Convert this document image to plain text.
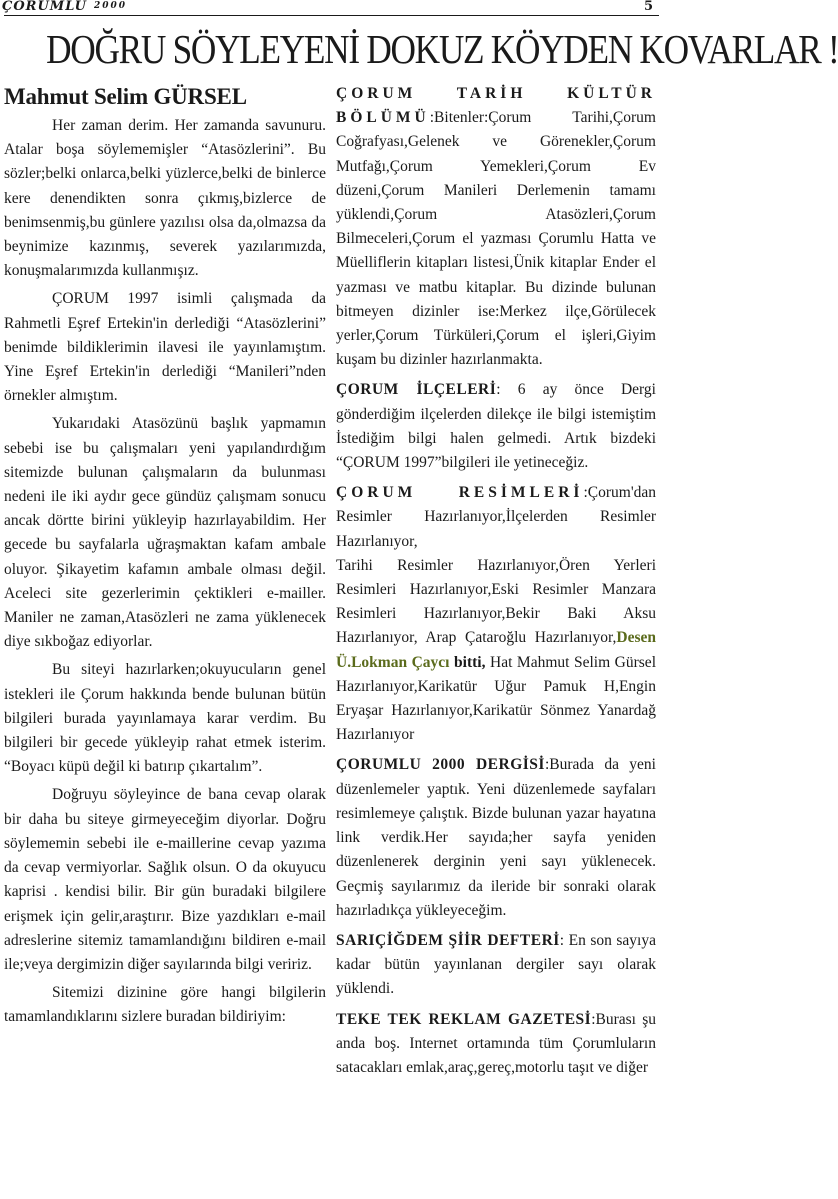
ÇORUMLU 2000	5
DOĞRU SÖYLEYENİ DOKUZ KÖYDEN KOVARLAR !
Mahmut Selim GÜRSEL

Her zaman derim. Her zamanda savunuru. Atalar boşa söylememişler “Atasözlerini”. Bu sözler;belki onlarca,belki yüzlerce,belki de binlerce kere denendikten sonra çıkmış,bizlerce de benimsenmiş,bu günlere yazılısı olsa da,olmazsa da beynimize kazınmış, severek yazılarımızda, konuşmalarımızda kullanmışız.

ÇORUM 1997 isimli çalışmada da Rahmetli Eşref Ertekin'in derlediği “Atasözlerini” benimde bildiklerimin ilavesi ile yayınlamıştım. Yine Eşref Ertekin'in derlediği “Manileri”nden örnekler almıştım.

Yukarıdaki Atasözünü başlık yapmamın sebebi ise bu çalışmaları yeni yapılandırdığım sitemizde bulunan çalışmaların da bulunması nedeni ile iki aydır gece gündüz çalışmam sonucu ancak dörtte birini yükleyip hazırlayabildim. Her gecede bu sayfalarla uğraşmaktan kafam ambale oluyor. Şikayetim kafamın ambale olması değil. Aceleci site gezerlerimin çektikleri e-mailler. Maniler ne zaman,Atasözleri ne zama yüklenecek diye sıkboğaz ediyorlar.

Bu siteyi hazırlarken;okuyucuların genel istekleri ile Çorum hakkında bende bulunan bütün bilgileri burada yayınlamaya karar verdim. Bu bilgileri bir gecede yükleyip rahat etmek isterim. “Boyacı küpü değil ki batırıp çıkartalım”.

Doğruyu söyleyince de bana cevap olarak bir daha bu siteye girmeyeceğim diyorlar. Doğru söylememin sebebi ile e-maillerine cevap yazıma da cevap vermiyorlar. Sağlık olsun. O da okuyucu kaprisi . kendisi bilir. Bir gün buradaki bilgilere erişmek için gelir,araştırır. Bize yazdıkları e-mail adreslerine sitemiz tamamlandığını bildiren e-mail ile;veya dergimizin diğer sayılarında bilgi veririz.

Sitemizi dizinine göre hangi bilgilerin tamamlandıklarını sizlere buradan bildiriyim:

ÇORUM TARİH KÜLTÜR BÖLÜMÜ:Bitenler:Çorum Tarihi,Çorum Coğrafyası,Gelenek ve Görenekler,Çorum Mutfağı,Çorum Yemekleri,Çorum Ev düzeni,Çorum Manileri Derlemenin tamamı yüklendi,Çorum Atasözleri,Çorum Bilmeceleri,Çorum el yazması Çorumlu Hatta ve Müelliflerin kitapları listesi,Ünik kitaplar Ender el yazması ve matbu kitaplar. Bu dizinde bulunan bitmeyen dizinler ise:Merkez ilçe,Görülecek yerler,Çorum Türküleri,Çorum el işleri,Giyim kuşam bu dizinler hazırlanmakta.

ÇORUM İLÇELERİ: 6 ay önce Dergi gönderdiğim ilçelerden dilekçe ile bilgi istemiştim İstediğim bilgi halen gelmedi. Artık bizdeki “ÇORUM 1997”bilgileri ile yetineceğiz.

ÇORUM RESİMLERİ:Çorum'dan Resimler Hazırlanıyor,İlçelerden Resimler Hazırlanıyor,
Tarihi Resimler Hazırlanıyor,Ören Yerleri Resimleri Hazırlanıyor,Eski Resimler Manzara Resimleri Hazırlanıyor,Bekir Baki Aksu Hazırlanıyor, Arap Çataroğlu Hazırlanıyor,Desen Ü.Lokman Çaycı bitti, Hat Mahmut Selim Gürsel Hazırlanıyor,Karikatür Uğur Pamuk H,Engin Eryaşar Hazırlanıyor,Karikatür Sönmez Yanardağ Hazırlanıyor

ÇORUMLU 2000 DERGİSİ:Burada da yeni düzenlemeler yaptık. Yeni düzenlemede sayfaları resimlemeye çalıştık. Bizde bulunan yazar hayatına link verdik.Her sayıda;her sayfa yeniden düzenlenerek derginin yeni sayı yüklenecek. Geçmiş sayılarımız da ileride bir sonraki olarak hazırladıkça yükleyeceğim.

SARIÇİĞDEM ŞİİR DEFTERİ: En son sayıya kadar bütün yayınlanan dergiler sayı olarak yüklendi.

TEKE TEK REKLAM GAZETESİ:Burası şu anda boş. Internet ortamında tüm Çorumluların satacakları emlak,araç,gereç,motorlu taşıt ve diğer
